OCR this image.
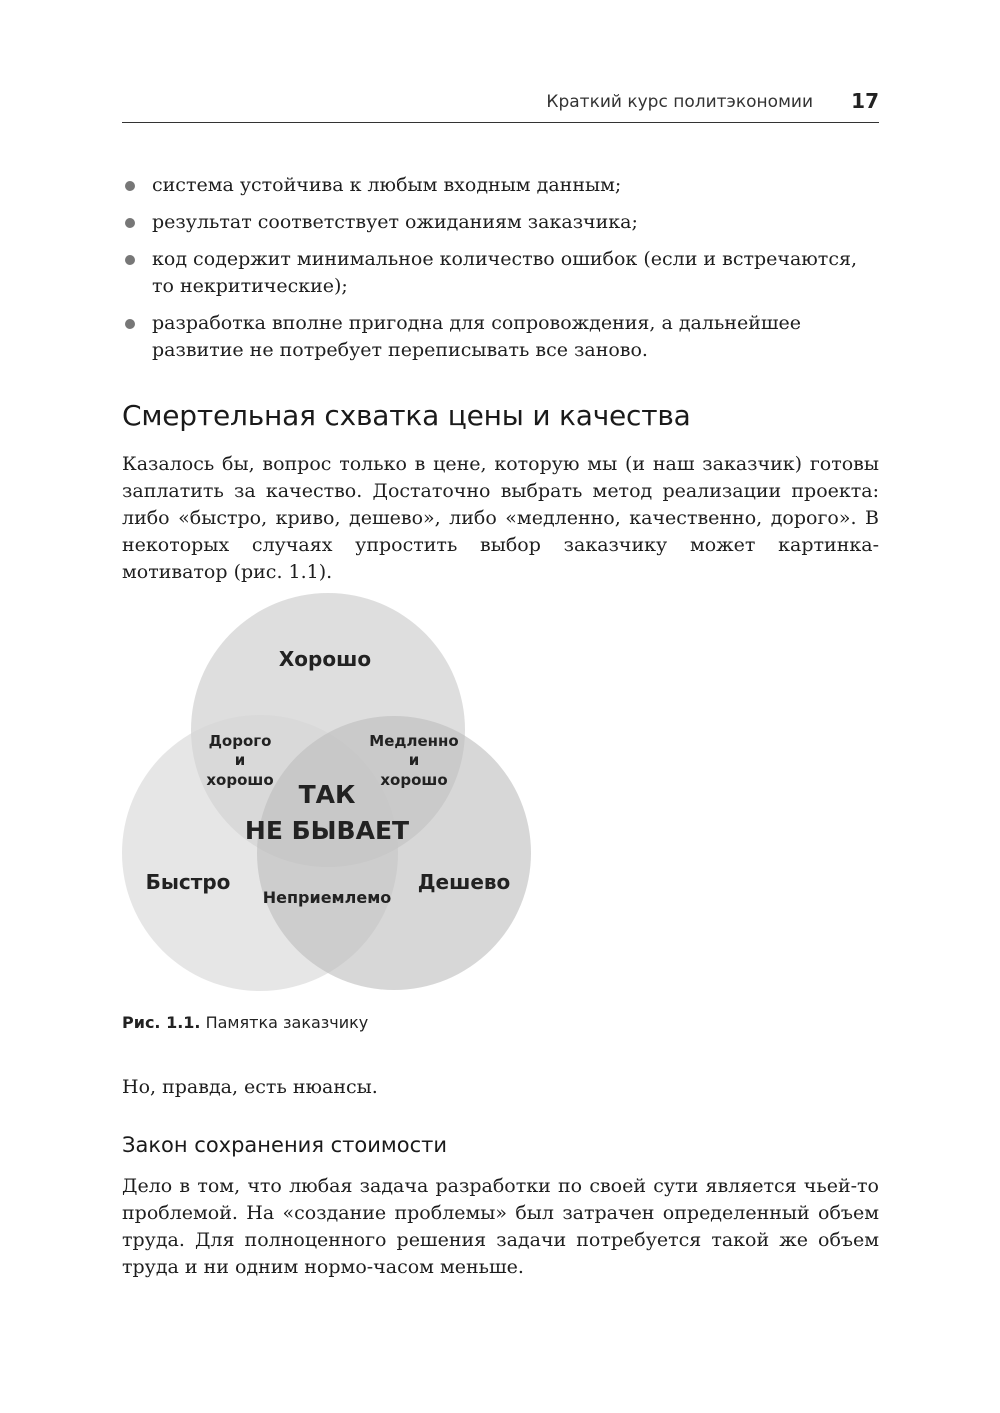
Краткий курс политэкономии 17
система устойчива к любым входным данным;
результат соответствует ожиданиям заказчика;
код содержит минимальное количество ошибок (если и встречаются, то некритические);
разработка вполне пригодна для сопровождения, а дальнейшее развитие не потребует переписывать все заново.
Смертельная схватка цены и качества

Казалось бы, вопрос только в цене, которую мы (и наш заказчик) готовы заплатить за качество. Достаточно выбрать метод реализации проекта: либо «быстро, криво, дешево», либо «медленно, качественно, дорого». В некоторых случаях упростить выбор заказчику может картинка-мотиватор (рис. 1.1).

Хорошо
Быстро	Дешево
Дорого
и
хорошо
Медленно
и
хорошо
Неприемлемо
ТАК
НЕ БЫВАЕТ
Рис. 1.1. Памятка заказчику

Но, правда, есть нюансы.

Закон сохранения стоимости

Дело в том, что любая задача разработки по своей сути является чьей-то проблемой. На «создание проблемы» был затрачен определенный объем труда. Для полноценного решения задачи потребуется такой же объем труда и ни одним нормо-часом меньше.
